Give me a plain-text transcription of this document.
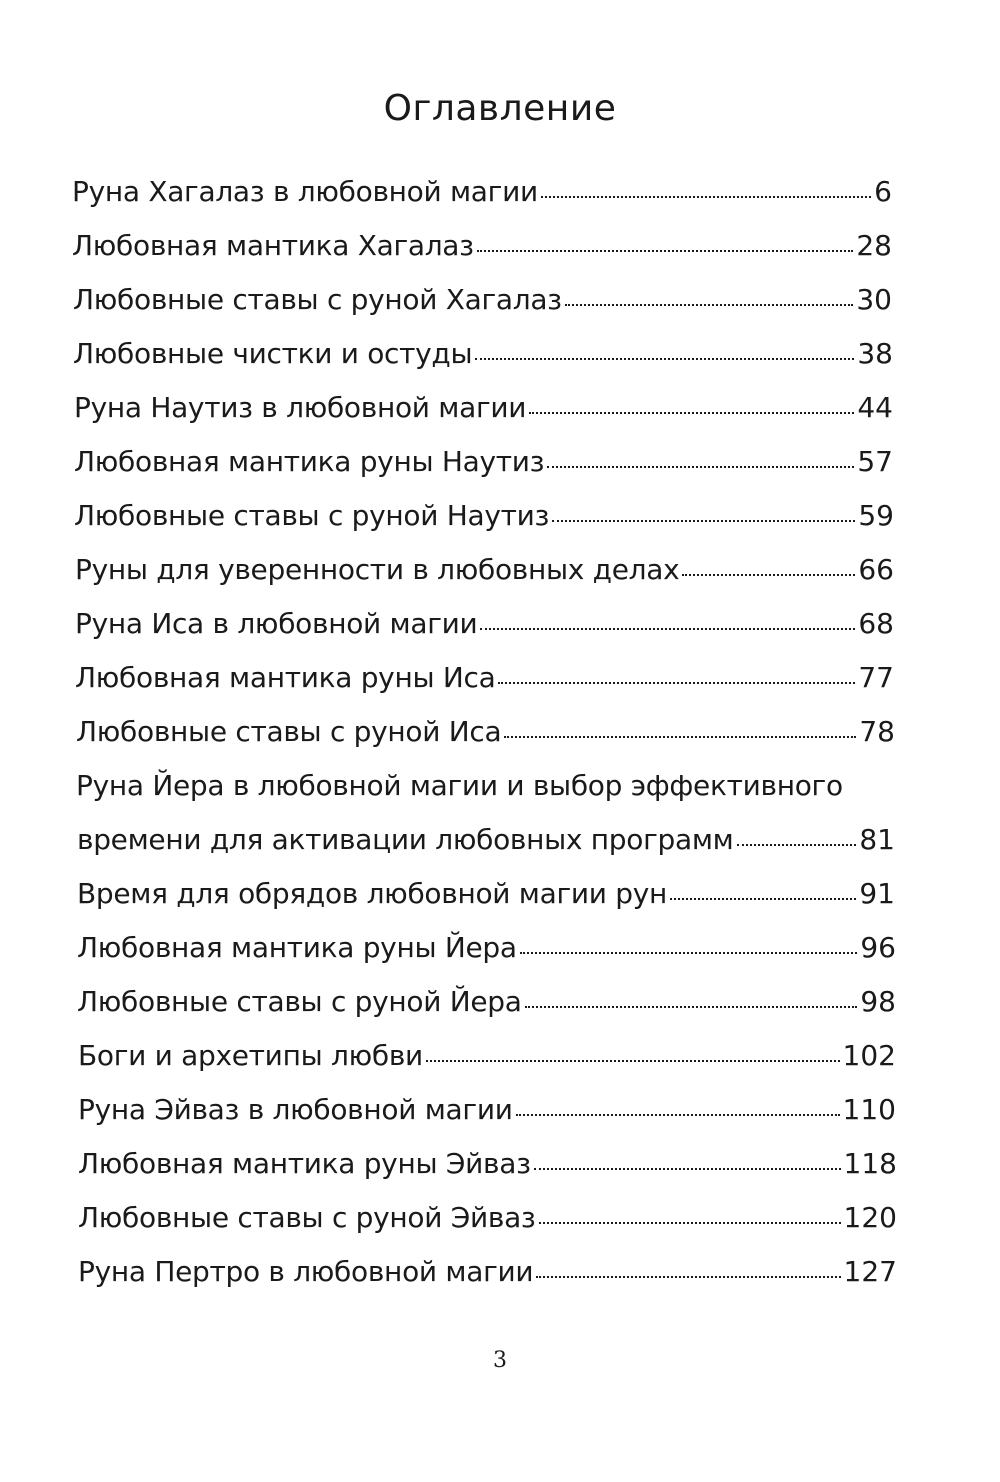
Оглавление
Руна Хагалаз в любовной магии	6
Любовная мантика Хагалаз	28
Любовные ставы с руной Хагалаз	30
Любовные чистки и остуды	38
Руна Наутиз в любовной магии	44
Любовная мантика руны Наутиз	57
Любовные ставы с руной Наутиз	59
Руны для уверенности в любовных делах	66
Руна Иса в любовной магии	68
Любовная мантика руны Иса	77
Любовные ставы с руной Иса	78
Руна Йера в любовной магии и выбор эффективного
времени для активации любовных программ	81
Время для обрядов любовной магии рун	91
Любовная мантика руны Йера	96
Любовные ставы с руной Йера	98
Боги и архетипы любви	102
Руна Эйваз в любовной магии	110
Любовная мантика руны Эйваз	118
Любовные ставы с руной Эйваз	120
Руна Пертро в любовной магии	127
3
